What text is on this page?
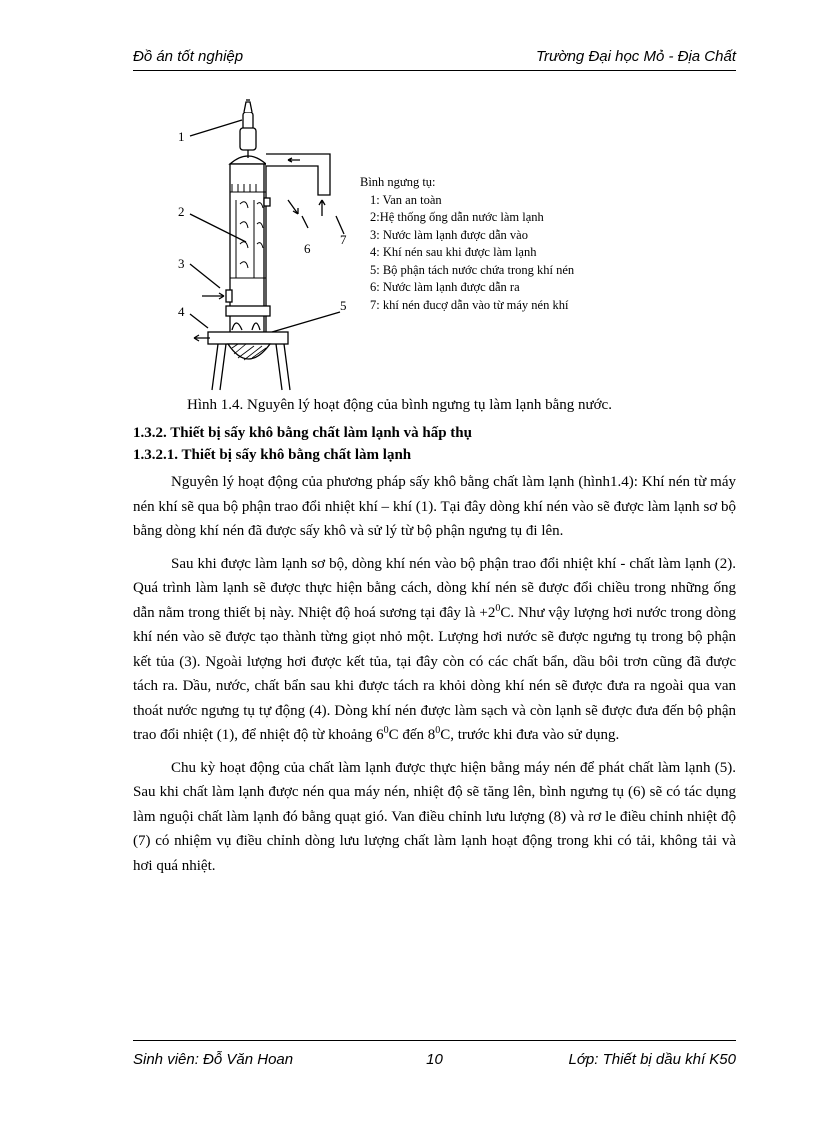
Đồ án tốt nghiệp	Trường Đại học Mỏ - Địa Chất
1
2
3
4	5
6
7
Bình ngưng tụ:
1: Van an toàn
2:Hệ thống ống dẫn nước làm lạnh
3: Nước làm lạnh được dẫn vào
4: Khí nén sau khi được làm lạnh
5: Bộ phận tách nước chứa trong khí nén
6: Nước làm lạnh được dẫn ra
7: khí nén đucợ dẫn vào từ máy nén khí
Hình 1.4. Nguyên lý hoạt động của bình ngưng tụ làm lạnh bằng nước.
1.3.2. Thiết bị sấy khô bằng chất làm lạnh và hấp thụ
1.3.2.1. Thiết bị sấy khô bằng chất làm lạnh

Nguyên lý hoạt động của phương pháp sấy khô bằng chất làm lạnh (hình1.4): Khí nén từ máy nén khí sẽ qua bộ phận trao đổi nhiệt khí – khí (1). Tại đây dòng khí nén vào sẽ được làm lạnh sơ bộ bằng dòng khí nén đã được sấy khô và sử lý từ bộ phận ngưng tụ đi lên.

Sau khi được làm lạnh sơ bộ, dòng khí nén vào bộ phận trao đổi nhiệt khí - chất làm lạnh (2). Quá trình làm lạnh sẽ được thực hiện bằng cách, dòng khí nén sẽ được đổi chiều trong những ống dẫn nằm trong thiết bị này. Nhiệt độ hoá sương tại đây là $+2^0C$. Như vậy lượng hơi nước trong dòng khí nén vào sẽ được tạo thành từng giọt nhỏ một. Lượng hơi nước sẽ được ngưng tụ trong bộ phận kết tủa (3). Ngoài lượng hơi được kết tủa, tại đây còn có các chất bẩn, dầu bôi trơn cũng đã được tách ra. Dầu, nước, chất bẩn sau khi được tách ra khỏi dòng khí nén sẽ được đưa ra ngoài qua van thoát nước ngưng tụ tự động (4). Dòng khí nén được làm sạch và còn lạnh sẽ được đưa đến bộ phận trao đổi nhiệt (1), để nhiệt độ từ khoảng $6^0C$ đến $8^0C$, trước khi đưa vào sử dụng.

Chu kỳ hoạt động của chất làm lạnh được thực hiện bằng máy nén để phát chất làm lạnh (5). Sau khi chất làm lạnh được nén qua máy nén, nhiệt độ sẽ tăng lên, bình ngưng tụ (6) sẽ có tác dụng làm nguội chất làm lạnh đó bằng quạt gió. Van điều chỉnh lưu lượng (8) và rơ le điều chỉnh nhiệt độ (7) có nhiệm vụ điều chỉnh dòng lưu lượng chất làm lạnh hoạt động trong khi có tải, không tải và hơi quá nhiệt.

Sinh viên: Đỗ Văn Hoan	10	Lớp: Thiết bị dầu khí K50
